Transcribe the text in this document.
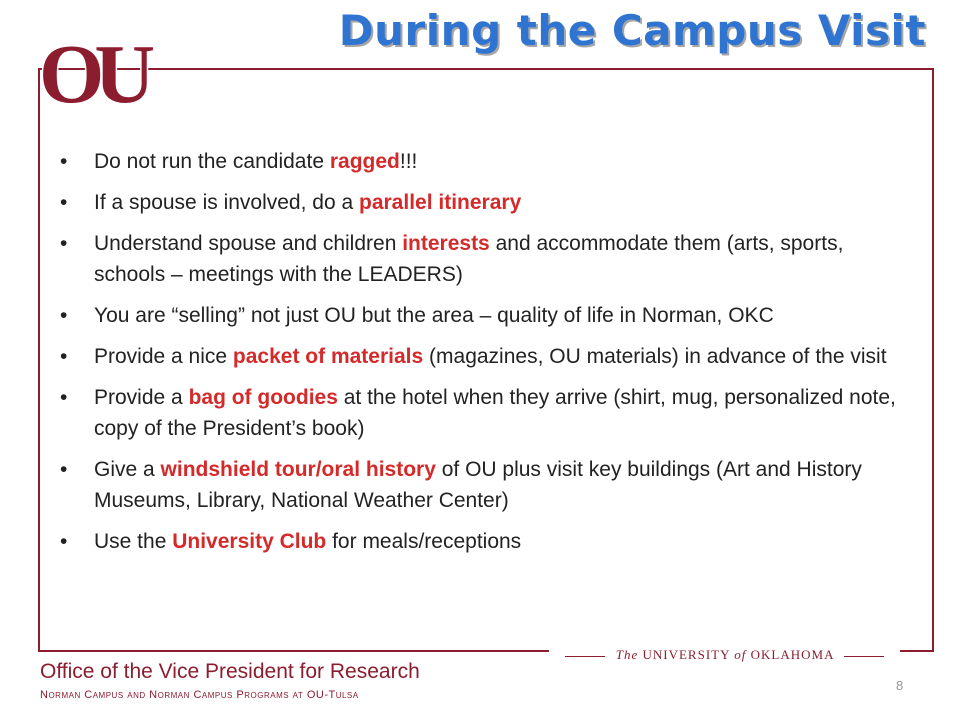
OU	During the Campus Visit
• Do not run the candidate ragged!!!
• If a spouse is involved, do a parallel itinerary
• Understand spouse and children interests and accommodate them (arts, sports, schools – meetings with the LEADERS)
• You are “selling” not just OU but the area – quality of life in Norman, OKC
• Provide a nice packet of materials (magazines, OU materials) in advance of the visit
• Provide a bag of goodies at the hotel when they arrive (shirt, mug, personalized note, copy of the President’s book)
• Give a windshield tour/oral history of OU plus visit key buildings (Art and History Museums, Library, National Weather Center)
• Use the University Club for meals/receptions
The UNIVERSITY of OKLAHOMA

Office of the Vice President for Research

Norman Campus and Norman Campus Programs at OU-Tulsa

8
